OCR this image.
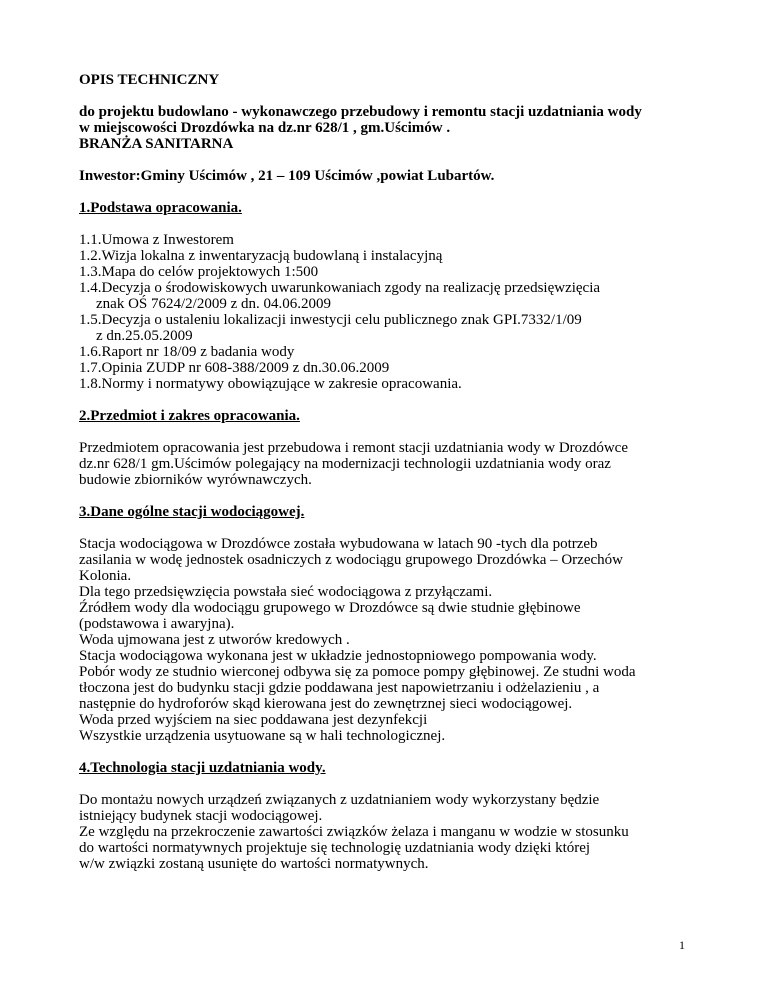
OPIS TECHNICZNY
do projektu budowlano - wykonawczego przebudowy i remontu stacji uzdatniania wody
w miejscowości Drozdówka na dz.nr 628/1 , gm.Uścimów .
BRANŻA SANITARNA
Inwestor:Gminy Uścimów , 21 – 109 Uścimów ,powiat Lubartów.
1.Podstawa opracowania.
1.1.Umowa z Inwestorem
1.2.Wizja lokalna z inwentaryzacją budowlaną i instalacyjną
1.3.Mapa do celów projektowych 1:500
1.4.Decyzja o środowiskowych uwarunkowaniach zgody na realizację przedsięwzięcia
znak OŚ 7624/2/2009 z dn. 04.06.2009
1.5.Decyzja o ustaleniu lokalizacji inwestycji celu publicznego znak GPI.7332/1/09
z dn.25.05.2009
1.6.Raport nr 18/09 z badania wody
1.7.Opinia ZUDP nr 608-388/2009 z dn.30.06.2009
1.8.Normy i normatywy obowiązujące w zakresie opracowania.
2.Przedmiot i zakres opracowania.
Przedmiotem opracowania jest przebudowa i remont stacji uzdatniania wody w Drozdówce
dz.nr 628/1 gm.Uścimów polegający na modernizacji technologii uzdatniania wody oraz
budowie zbiorników wyrównawczych.
3.Dane ogólne stacji wodociągowej.
Stacja wodociągowa w Drozdówce została wybudowana w latach 90 -tych dla potrzeb
zasilania w wodę jednostek osadniczych z wodociągu grupowego Drozdówka – Orzechów
Kolonia.
Dla tego przedsięwzięcia powstała sieć wodociągowa z przyłączami.
Źródłem wody dla wodociągu grupowego w Drozdówce są dwie studnie głębinowe
(podstawowa i awaryjna).
Woda ujmowana jest z utworów kredowych .
Stacja wodociągowa wykonana jest w układzie jednostopniowego pompowania wody.
Pobór wody ze studnio wierconej odbywa się za pomoce pompy głębinowej. Ze studni woda
tłoczona jest do budynku stacji gdzie poddawana jest napowietrzaniu i odżelazieniu , a
następnie do hydroforów skąd kierowana jest do zewnętrznej sieci wodociągowej.
Woda przed wyjściem na siec poddawana jest dezynfekcji
Wszystkie urządzenia usytuowane są w hali technologicznej.
4.Technologia stacji uzdatniania wody.
Do montażu nowych urządzeń związanych z uzdatnianiem wody wykorzystany będzie
istniejący budynek stacji wodociągowej.
Ze względu na przekroczenie zawartości związków żelaza i manganu w wodzie w stosunku
do wartości normatywnych projektuje się technologię uzdatniania wody dzięki której
w/w związki zostaną usunięte do wartości normatywnych.
1
